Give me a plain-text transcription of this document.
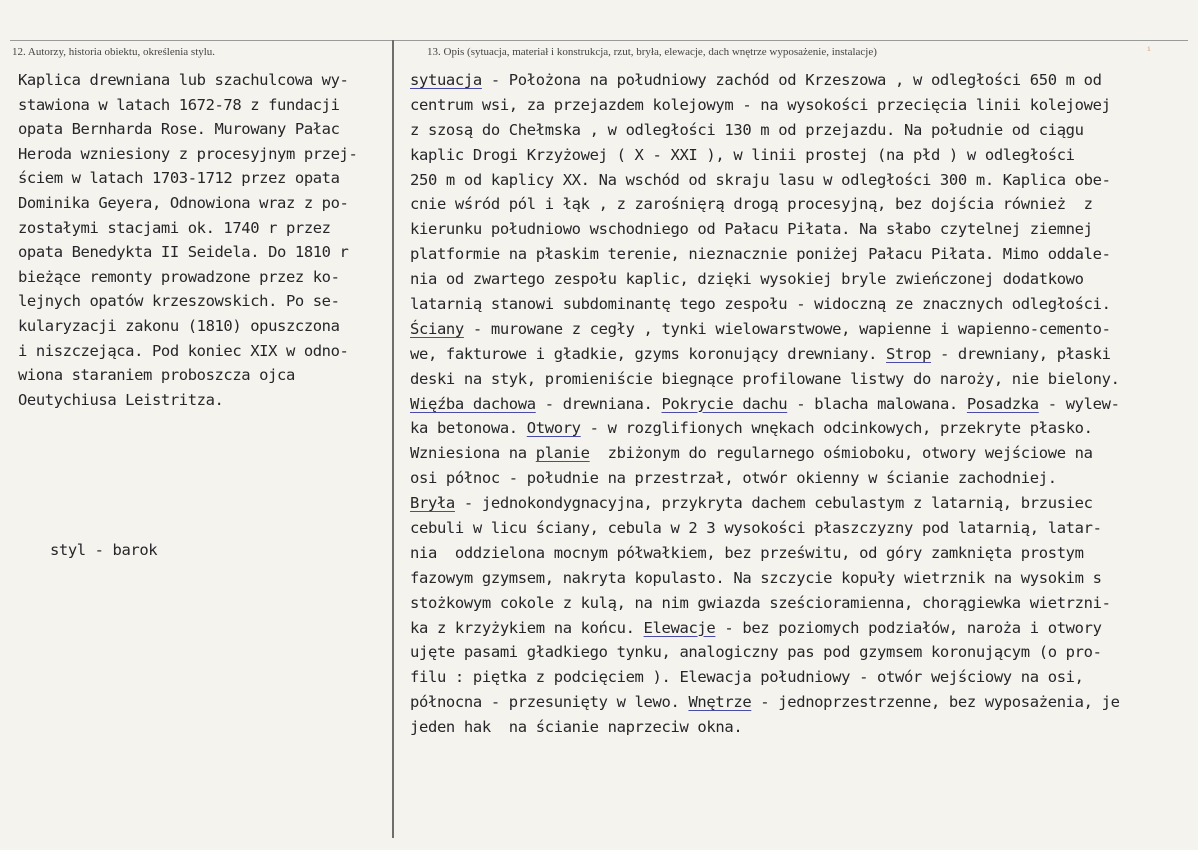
12. Autorzy, historia obiektu, określenia stylu.	13. Opis (sytuacja, materiał i konstrukcja, rzut, bryła, elewacje, dach wnętrze wyposażenie, instalacje)	ⁱ
Kaplica drewniana lub szachulcowa wy-
stawiona w latach 1672-78 z fundacji
opata Bernharda Rose. Murowany Pałac
Heroda wzniesiony z procesyjnym przej-
ściem w latach 1703-1712 przez opata
Dominika Geyera, Odnowiona wraz z po-
zostałymi stacjami ok. 1740 r przez
opata Benedykta II Seidela. Do 1810 r
bieżące remonty prowadzone przez ko-
lejnych opatów krzeszowskich. Po se-
kularyzacji zakonu (1810) opuszczona
i niszczejąca. Pod koniec XIX w odno-
wiona staraniem proboszcza ojca
Oeutychiusa Leistritza.
styl - barok
sytuacja - Położona na południowy zachód od Krzeszowa , w odległości 650 m od
centrum wsi, za przejazdem kolejowym - na wysokości przecięcia linii kolejowej
z szosą do Chełmska , w odległości 130 m od przejazdu. Na południe od ciągu
kaplic Drogi Krzyżowej ( X - XXI ), w linii prostej (na płd ) w odległości
250 m od kaplicy XX. Na wschód od skraju lasu w odległości 300 m. Kaplica obe-
cnie wśród pól i łąk , z zarośnięrą drogą procesyjną, bez dojścia również  z
kierunku południowo wschodniego od Pałacu Piłata. Na słabo czytelnej ziemnej
platformie na płaskim terenie, nieznacznie poniżej Pałacu Piłata. Mimo oddale-
nia od zwartego zespołu kaplic, dzięki wysokiej bryle zwieńczonej dodatkowo
latarnią stanowi subdominantę tego zespołu - widoczną ze znacznych odległości.
Ściany - murowane z cegły , tynki wielowarstwowe, wapienne i wapienno-cemento-
we, fakturowe i gładkie, gzyms koronujący drewniany. Strop - drewniany, płaski
deski na styk, promieniście biegnące profilowane listwy do naroży, nie bielony.
Więźba dachowa - drewniana. Pokrycie dachu - blacha malowana. Posadzka - wylew-
ka betonowa. Otwory - w rozglifionych wnękach odcinkowych, przekryte płasko.
Wzniesiona na planie  zbiżonym do regularnego ośmioboku, otwory wejściowe na
osi północ - południe na przestrzał, otwór okienny w ścianie zachodniej.
Bryła - jednokondygnacyjna, przykryta dachem cebulastym z latarnią, brzusiec
cebuli w licu ściany, cebula w 2 3 wysokości płaszczyzny pod latarnią, latar-
nia  oddzielona mocnym półwałkiem, bez prześwitu, od góry zamknięta prostym
fazowym gzymsem, nakryta kopulasto. Na szczycie kopuły wietrznik na wysokim s
stożkowym cokole z kulą, na nim gwiazda sześcioramienna, chorągiewka wietrzni-
ka z krzyżykiem na końcu. Elewacje - bez poziomych podziałów, naroża i otwory
ujęte pasami gładkiego tynku, analogiczny pas pod gzymsem koronującym (o pro-
filu : piętka z podcięciem ). Elewacja południowy - otwór wejściowy na osi,
północna - przesunięty w lewo. Wnętrze - jednoprzestrzenne, bez wyposażenia, je
jeden hak  na ścianie naprzeciw okna.
